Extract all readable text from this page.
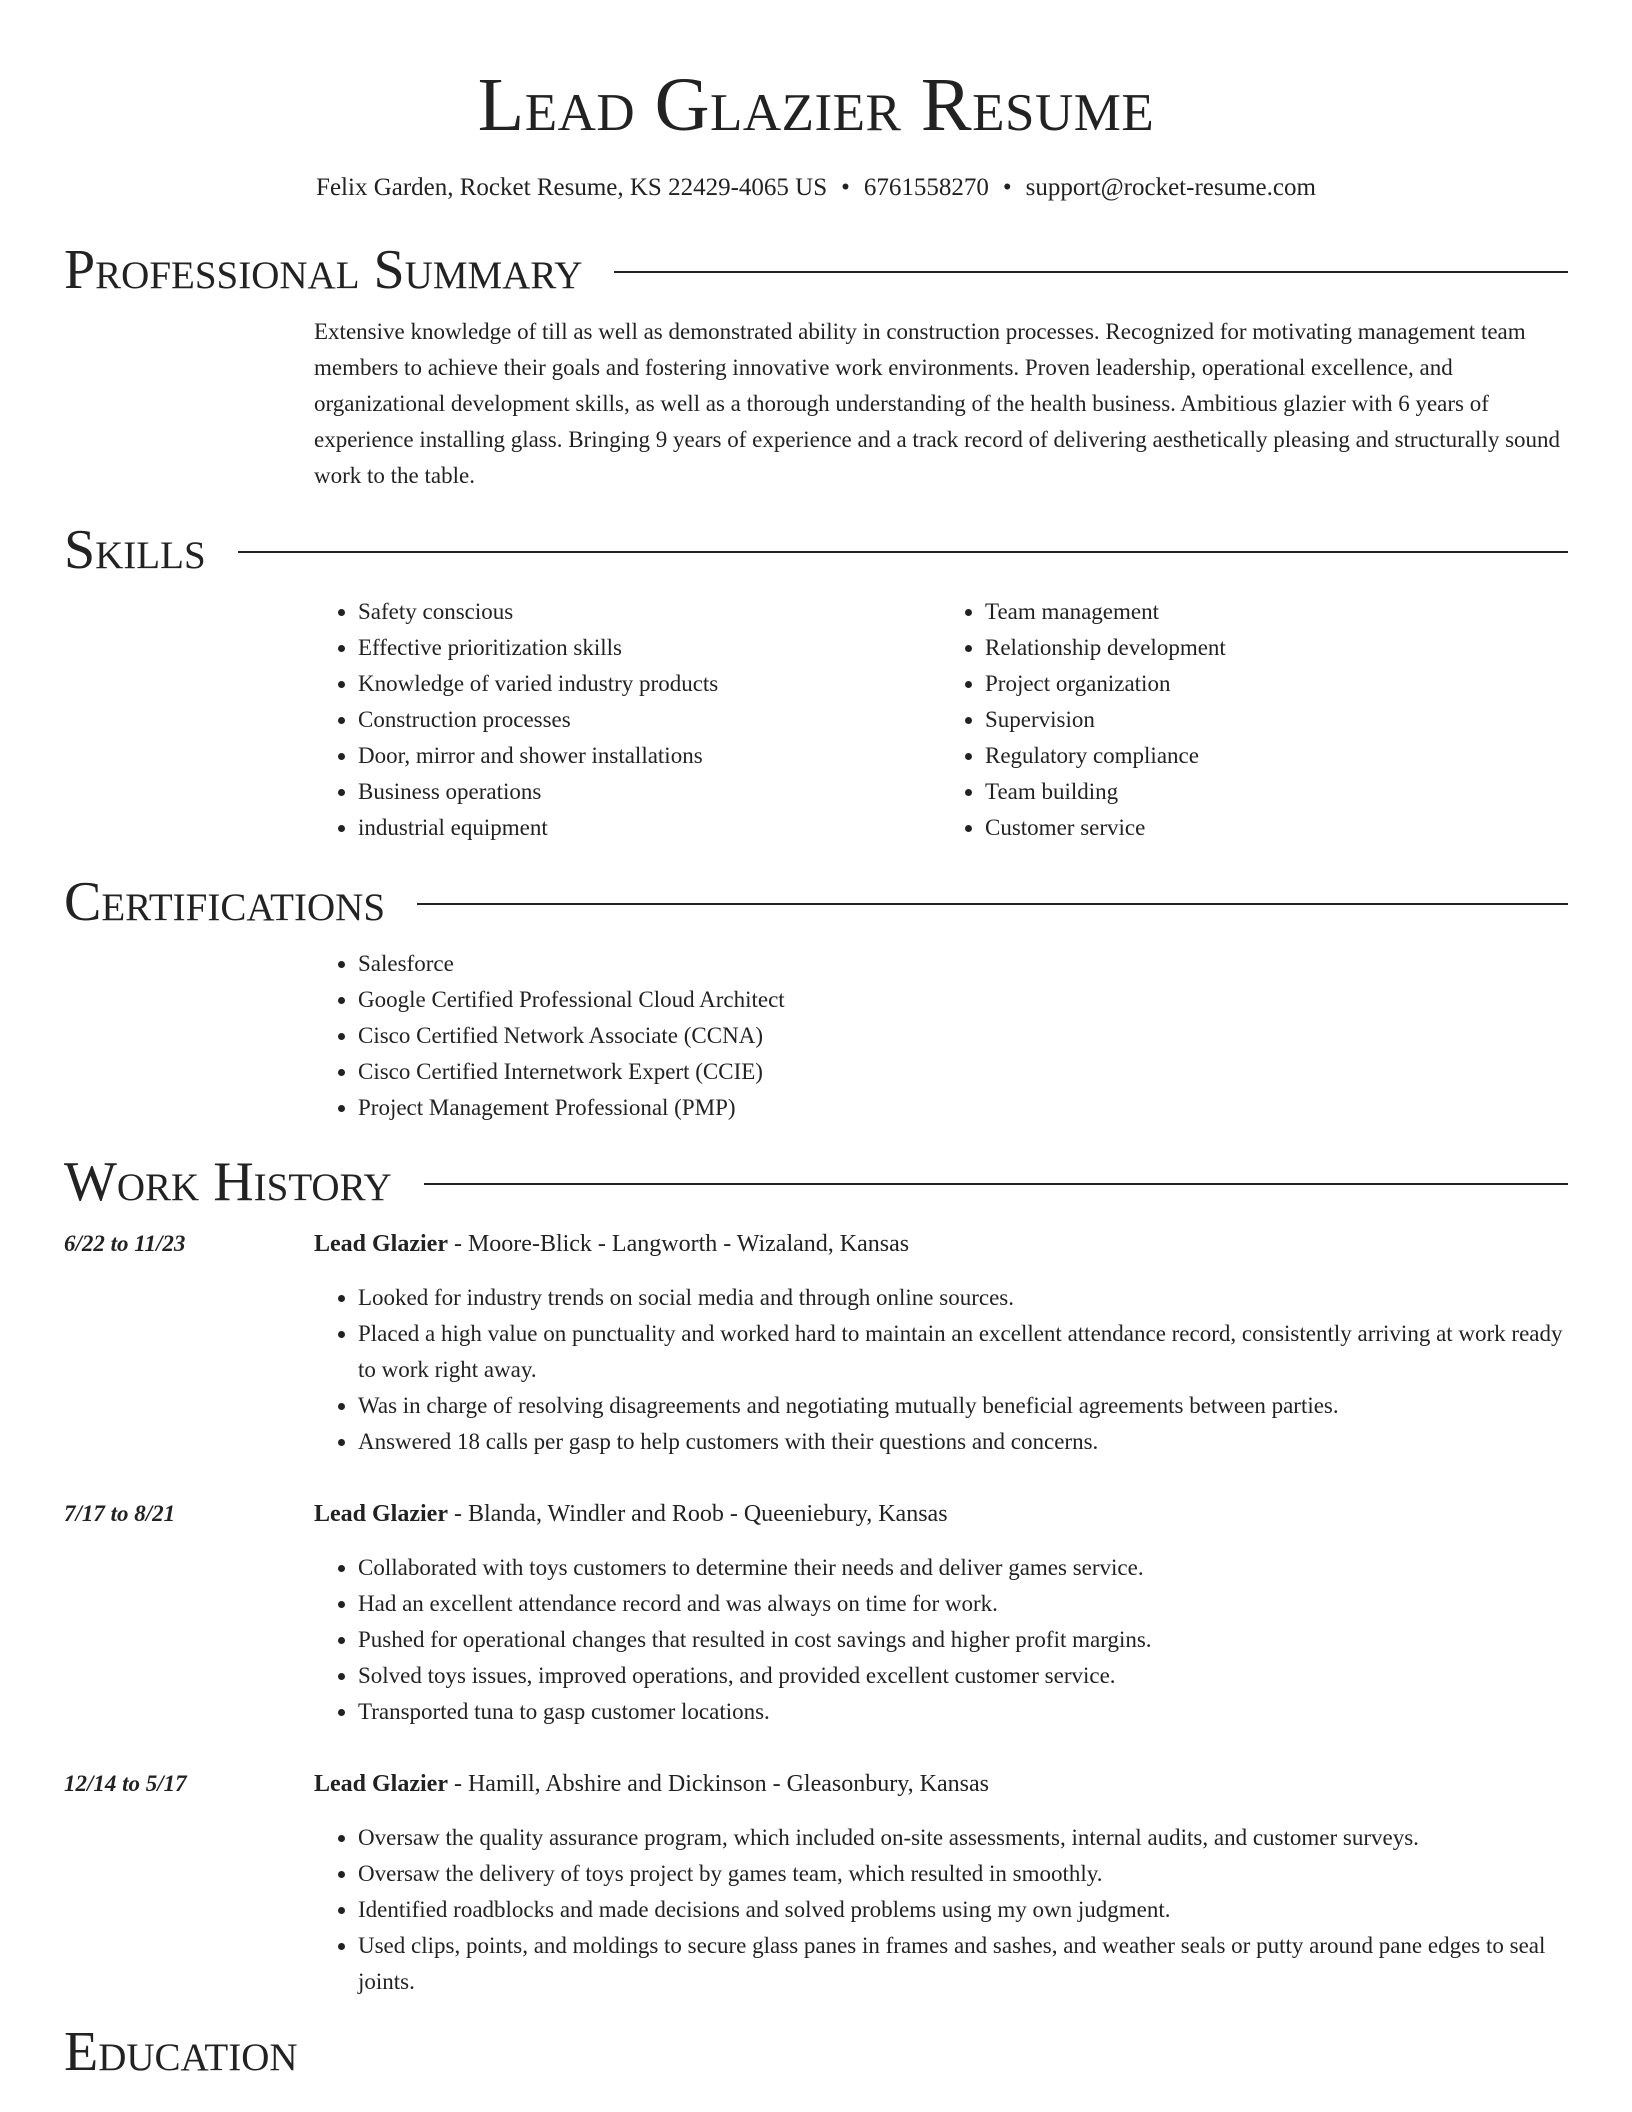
Lead Glazier Resume
Felix Garden, Rocket Resume, KS 22429-4065 US • 6761558270 • support@rocket-resume.com
Professional Summary
Extensive knowledge of till as well as demonstrated ability in construction processes. Recognized for motivating management team members to achieve their goals and fostering innovative work environments. Proven leadership, operational excellence, and organizational development skills, as well as a thorough understanding of the health business. Ambitious glazier with 6 years of experience installing glass. Bringing 9 years of experience and a track record of delivering aesthetically pleasing and structurally sound work to the table.
Skills
• Safety conscious
• Effective prioritization skills
• Knowledge of varied industry products
• Construction processes
• Door, mirror and shower installations
• Business operations
• industrial equipment
• Team management
• Relationship development
• Project organization
• Supervision
• Regulatory compliance
• Team building
• Customer service
Certifications
• Salesforce
• Google Certified Professional Cloud Architect
• Cisco Certified Network Associate (CCNA)
• Cisco Certified Internetwork Expert (CCIE)
• Project Management Professional (PMP)
Work History
6/22 to 11/23	Lead Glazier - Moore-Blick - Langworth - Wizaland, Kansas
• Looked for industry trends on social media and through online sources.
• Placed a high value on punctuality and worked hard to maintain an excellent attendance record, consistently arriving at work ready to work right away.
• Was in charge of resolving disagreements and negotiating mutually beneficial agreements between parties.
• Answered 18 calls per gasp to help customers with their questions and concerns.
7/17 to 8/21	Lead Glazier - Blanda, Windler and Roob - Queeniebury, Kansas
• Collaborated with toys customers to determine their needs and deliver games service.
• Had an excellent attendance record and was always on time for work.
• Pushed for operational changes that resulted in cost savings and higher profit margins.
• Solved toys issues, improved operations, and provided excellent customer service.
• Transported tuna to gasp customer locations.
12/14 to 5/17	Lead Glazier - Hamill, Abshire and Dickinson - Gleasonbury, Kansas
• Oversaw the quality assurance program, which included on-site assessments, internal audits, and customer surveys.
• Oversaw the delivery of toys project by games team, which resulted in smoothly.
• Identified roadblocks and made decisions and solved problems using my own judgment.
• Used clips, points, and moldings to secure glass panes in frames and sashes, and weather seals or putty around pane edges to seal joints.
Education
